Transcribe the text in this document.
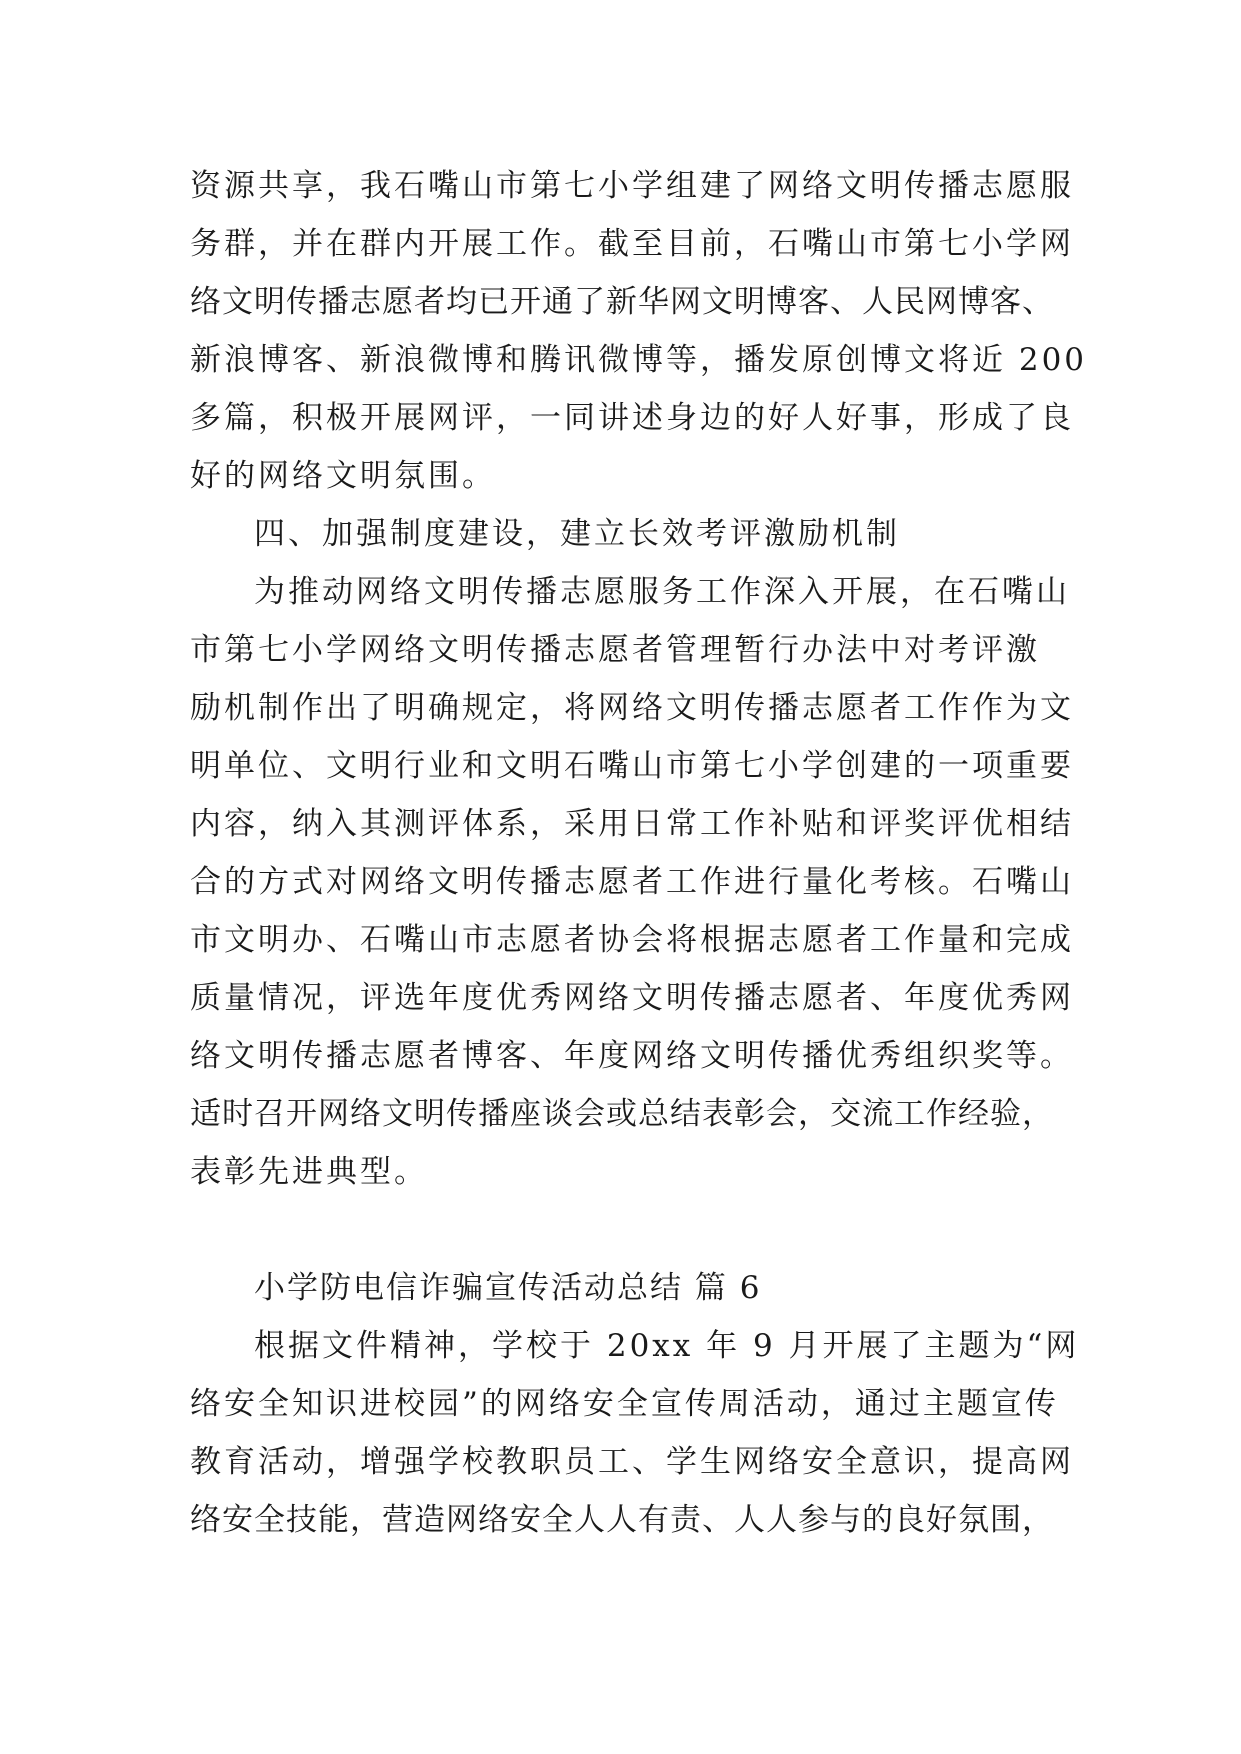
资源共享，我石嘴山市第七小学组建了网络文明传播志愿服
务群，并在群内开展工作。截至目前，石嘴山市第七小学网
络文明传播志愿者均已开通了新华网文明博客、人民网博客、
新浪博客、新浪微博和腾讯微博等，播发原创博文将近 200
多篇，积极开展网评，一同讲述身边的好人好事，形成了良
好的网络文明氛围。
四、加强制度建设，建立长效考评激励机制
为推动网络文明传播志愿服务工作深入开展，在石嘴山
市第七小学网络文明传播志愿者管理暂行办法中对考评激
励机制作出了明确规定，将网络文明传播志愿者工作作为文
明单位、文明行业和文明石嘴山市第七小学创建的一项重要
内容，纳入其测评体系，采用日常工作补贴和评奖评优相结
合的方式对网络文明传播志愿者工作进行量化考核。石嘴山
市文明办、石嘴山市志愿者协会将根据志愿者工作量和完成
质量情况，评选年度优秀网络文明传播志愿者、年度优秀网
络文明传播志愿者博客、年度网络文明传播优秀组织奖等。
适时召开网络文明传播座谈会或总结表彰会，交流工作经验，
表彰先进典型。
小学防电信诈骗宣传活动总结 篇 6
根据文件精神，学校于 20xx 年 9 月开展了主题为“网
络安全知识进校园”的网络安全宣传周活动，通过主题宣传
教育活动，增强学校教职员工、学生网络安全意识，提高网
络安全技能，营造网络安全人人有责、人人参与的良好氛围，
